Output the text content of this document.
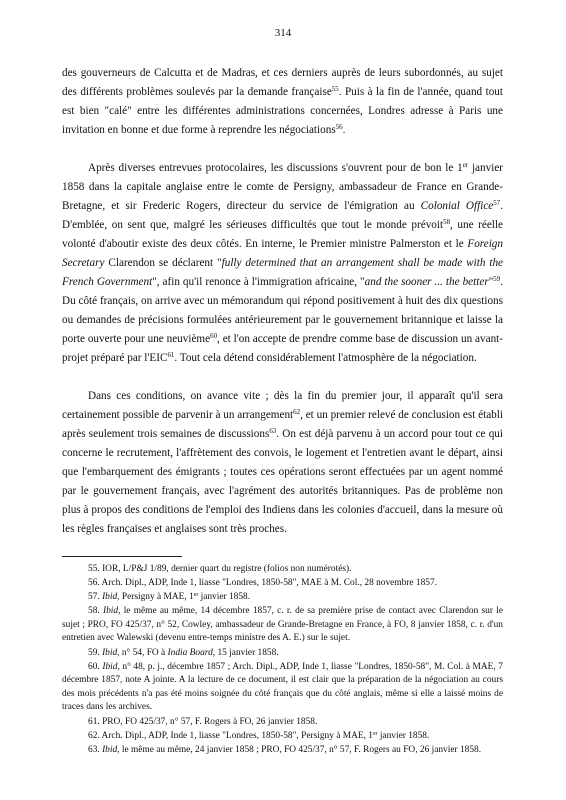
314

des gouverneurs de Calcutta et de Madras, et ces derniers auprès de leurs subordonnés, au sujet des différents problèmes soulevés par la demande française$^{55}$. Puis à la fin de l'année, quand tout est bien "calé" entre les différentes administrations concernées, Londres adresse à Paris une invitation en bonne et due forme à reprendre les négociations$^{56}$.

Après diverses entrevues protocolaires, les discussions s'ouvrent pour de bon le 1er janvier 1858 dans la capitale anglaise entre le comte de Persigny, ambassadeur de France en Grande-Bretagne, et sir Frederic Rogers, directeur du service de l'émigration au Colonial Office$^{57}$. D'emblée, on sent que, malgré les sérieuses difficultés que tout le monde prévoit$^{58}$, une réelle volonté d'aboutir existe des deux côtés. En interne, le Premier ministre Palmerston et le Foreign Secretary Clarendon se déclarent "fully determined that an arrangement shall be made with the French Government", afin qu'il renonce à l'immigration africaine, "and the sooner ... the better"$^{59}$. Du côté français, on arrive avec un mémorandum qui répond positivement à huit des dix questions ou demandes de précisions formulées antérieurement par le gouvernement britannique et laisse la porte ouverte pour une neuvième$^{60}$, et l'on accepte de prendre comme base de discussion un avant-projet préparé par l'EIC$^{61}$. Tout cela détend considérablement l'atmosphère de la négociation.

Dans ces conditions, on avance vite ; dès la fin du premier jour, il apparaît qu'il sera certainement possible de parvenir à un arrangement$^{62}$, et un premier relevé de conclusion est établi après seulement trois semaines de discussions$^{63}$. On est déjà parvenu à un accord pour tout ce qui concerne le recrutement, l'affrètement des convois, le logement et l'entretien avant le départ, ainsi que l'embarquement des émigrants ; toutes ces opérations seront effectuées par un agent nommé par le gouvernement français, avec l'agrément des autorités britanniques. Pas de problème non plus à propos des conditions de l'emploi des Indiens dans les colonies d'accueil, dans la mesure où les règles françaises et anglaises sont très proches.

55. IOR, L/P&J 1/89, dernier quart du registre (folios non numérotés).

56. Arch. Dipl., ADP, Inde 1, liasse "Londres, 1850-58", MAE à M. Col., 28 novembre 1857.

57. Ibid, Persigny à MAE, 1er janvier 1858.

58. Ibid, le même au même, 14 décembre 1857, c. r. de sa première prise de contact avec Clarendon sur le sujet ; PRO, FO 425/37, n° 52, Cowley, ambassadeur de Grande-Bretagne en France, à FO, 8 janvier 1858, c. r. d'un entretien avec Walewski (devenu entre-temps ministre des A. E.) sur le sujet.

59. Ibid, n° 54, FO à India Board, 15 janvier 1858.

60. Ibid, n° 48, p. j., décembre 1857 ; Arch. Dipl., ADP, Inde 1, liasse "Londres, 1850-58", M. Col. à MAE, 7 décembre 1857, note A jointe. A la lecture de ce document, il est clair que la préparation de la négociation au cours des mois précédents n'a pas été moins soignée du côté français que du côté anglais, même si elle a laissé moins de traces dans les archives.

61. PRO, FO 425/37, n° 57, F. Rogers à FO, 26 janvier 1858.

62. Arch. Dipl., ADP, Inde 1, liasse "Londres, 1850-58", Persigny à MAE, 1er janvier 1858.

63. Ibid, le même au même, 24 janvier 1858 ; PRO, FO 425/37, n° 57, F. Rogers au FO, 26 janvier 1858.
